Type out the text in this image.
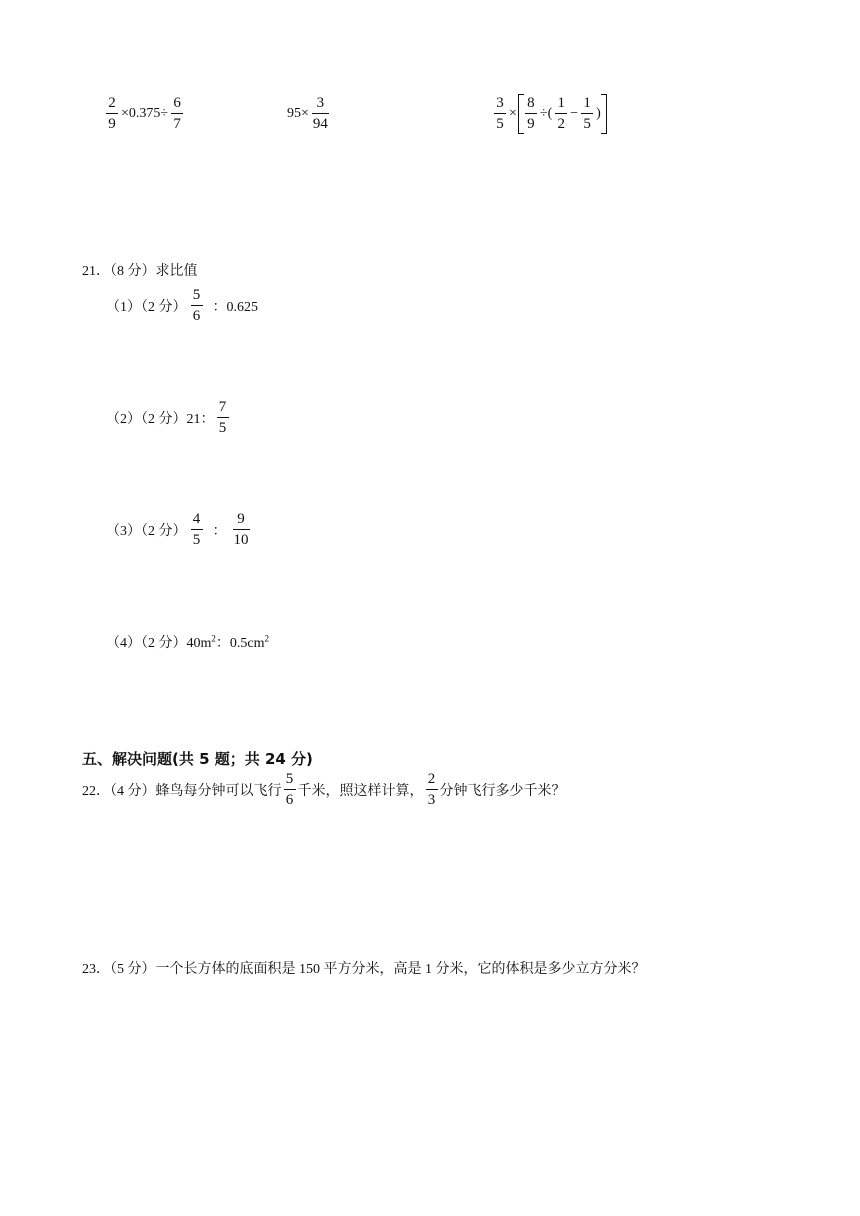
$\frac{2}{9} \times 0.375\div \frac{6}{7}$	$95\times \frac{3}{94}$	$\frac{3}{5} \times \frac{8}{9}$ ÷( $\frac{1}{2} - \frac{1}{5}$ )
21．（8 分）求比值
（1）（2 分） $\frac{5}{6}$ ：0.625
（2）（2 分）21： $\frac{7}{5}$
（3）（2 分） $\frac{4}{5}$ ： $\frac{9}{10}$
（4）（2 分）$40m^2$：$0.5cm^2$
五、解决问题(共 5 题；共 24 分)
22．（4 分）蜂鸟每分钟可以飞行 $\frac{5}{6}$ 千米，照这样计算， $\frac{2}{3}$ 分钟飞行多少千米？
23．（5 分）一个长方体的底面积是 150 平方分米，高是 1 分米，它的体积是多少立方分米？
